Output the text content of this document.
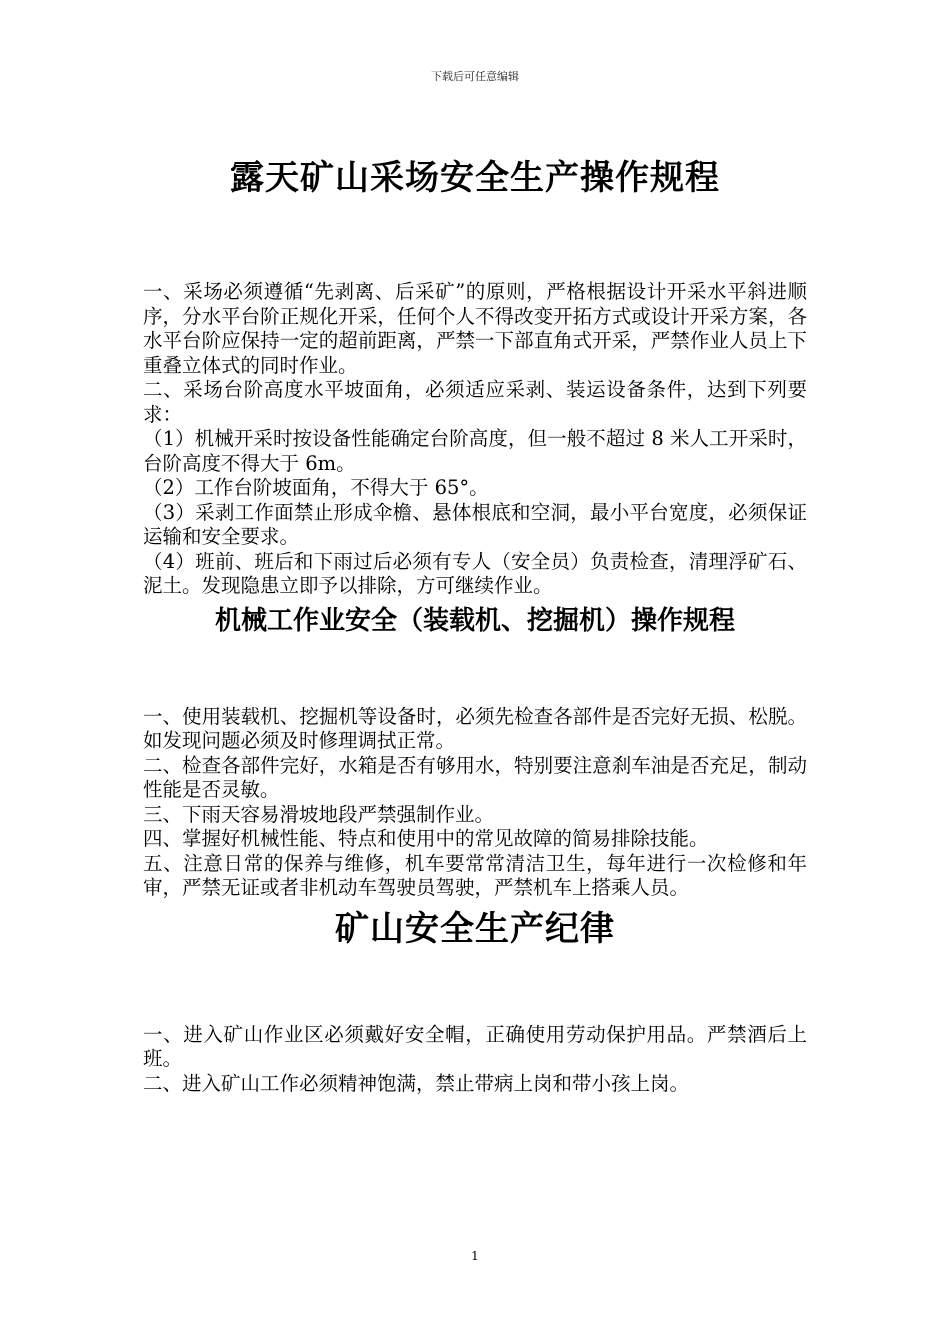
下载后可任意编辑
露天矿山采场安全生产操作规程

一、采场必须遵循“先剥离、后采矿”的原则，严格根据设计开采水平斜进顺序，分水平台阶正规化开采，任何个人不得改变开拓方式或设计开采方案，各水平台阶应保持一定的超前距离，严禁一下部直角式开采，严禁作业人员上下重叠立体式的同时作业。

二、采场台阶高度水平坡面角，必须适应采剥、装运设备条件，达到下列要求：

（1）机械开采时按设备性能确定台阶高度，但一般不超过 8 米人工开采时，台阶高度不得大于 6m。

（2）工作台阶坡面角，不得大于 65°。

（3）采剥工作面禁止形成伞檐、悬体根底和空洞，最小平台宽度，必须保证运输和安全要求。

（4）班前、班后和下雨过后必须有专人（安全员）负责检查，清理浮矿石、泥土。发现隐患立即予以排除，方可继续作业。

机械工作业安全（装载机、挖掘机）操作规程

一、使用装载机、挖掘机等设备时，必须先检查各部件是否完好无损、松脱。如发现问题必须及时修理调拭正常。

二、检查各部件完好，水箱是否有够用水，特别要注意刹车油是否充足，制动性能是否灵敏。

三、下雨天容易滑坡地段严禁强制作业。

四、掌握好机械性能、特点和使用中的常见故障的简易排除技能。

五、注意日常的保养与维修，机车要常常清洁卫生，每年进行一次检修和年审，严禁无证或者非机动车驾驶员驾驶，严禁机车上搭乘人员。

矿山安全生产纪律

一、进入矿山作业区必须戴好安全帽，正确使用劳动保护用品。严禁酒后上班。

二、进入矿山工作必须精神饱满，禁止带病上岗和带小孩上岗。

1
